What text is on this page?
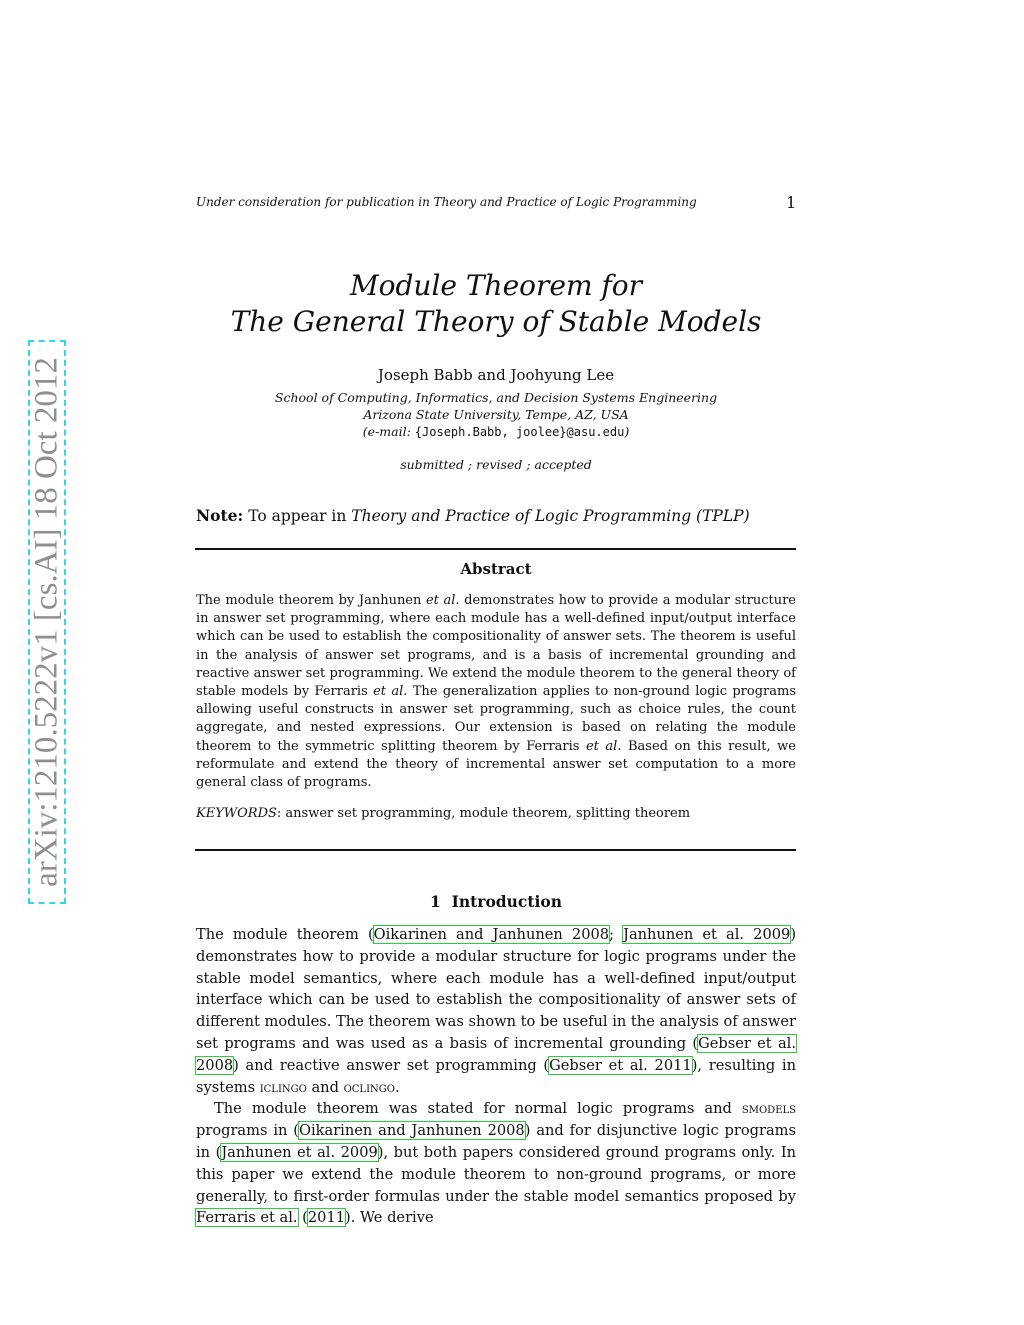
arXiv:1210.5222v1 [cs.AI] 18 Oct 2012
Under consideration for publication in Theory and Practice of Logic Programming	1
Module Theorem for
The General Theory of Stable Models
Joseph Babb and Joohyung Lee
School of Computing, Informatics, and Decision Systems Engineering
Arizona State University, Tempe, AZ, USA
(e-mail: {Joseph.Babb, joolee}@asu.edu)
submitted ; revised ; accepted
Note: To appear in Theory and Practice of Logic Programming (TPLP)
Abstract
The module theorem by Janhunen et al. demonstrates how to provide a modular structure in answer set programming, where each module has a well-defined input/output interface which can be used to establish the compositionality of answer sets. The theorem is useful in the analysis of answer set programs, and is a basis of incremental grounding and reactive answer set programming. We extend the module theorem to the general theory of stable models by Ferraris et al. The generalization applies to non-ground logic programs allowing useful constructs in answer set programming, such as choice rules, the count aggregate, and nested expressions. Our extension is based on relating the module theorem to the symmetric splitting theorem by Ferraris et al. Based on this result, we reformulate and extend the theory of incremental answer set computation to a more general class of programs.
KEYWORDS: answer set programming, module theorem, splitting theorem
1 Introduction

The module theorem (Oikarinen and Janhunen 2008; Janhunen et al. 2009) demonstrates how to provide a modular structure for logic programs under the stable model semantics, where each module has a well-defined input/output interface which can be used to establish the compositionality of answer sets of different modules. The theorem was shown to be useful in the analysis of answer set programs and was used as a basis of incremental grounding (Gebser et al. 2008) and reactive answer set programming (Gebser et al. 2011), resulting in systems iclingo and oclingo.

The module theorem was stated for normal logic programs and smodels programs in (Oikarinen and Janhunen 2008) and for disjunctive logic programs in (Janhunen et al. 2009), but both papers considered ground programs only. In this paper we extend the module theorem to non-ground programs, or more generally, to first-order formulas under the stable model semantics proposed by Ferraris et al. (2011). We derive
